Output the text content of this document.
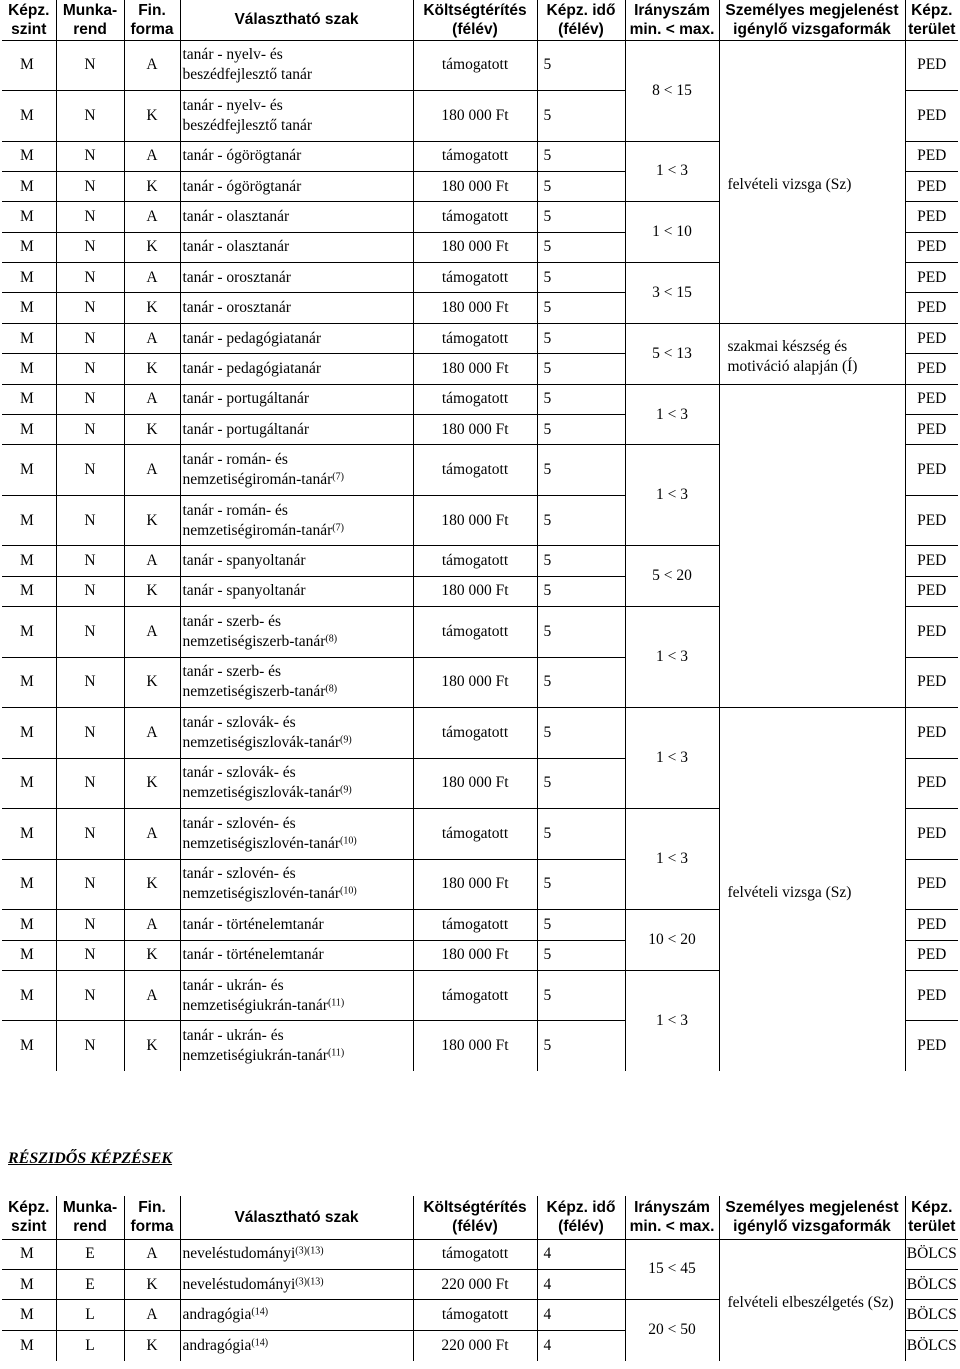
Képz.
szint	Munka-
rend	Fin.
forma	Választható szak	Költségtérítés
(félév)	Képz. idő
(félév)	Irányszám
min. < max.	Személyes megjelenést
igénylő vizsgaformák	Képz.
terület
M	N	A	tanár - nyelv- és
beszédfejlesztő tanár	támogatott	5	8 < 15	felvételi vizsga (Sz)	PED
M	N	K	tanár - nyelv- és
beszédfejlesztő tanár	180 000 Ft	5			PED
M	N	A	tanár - ógörögtanár	támogatott	5	1 < 3		PED
M	N	K	tanár - ógörögtanár	180 000 Ft	5			PED
M	N	A	tanár - olasztanár	támogatott	5	1 < 10		PED
M	N	K	tanár - olasztanár	180 000 Ft	5			PED
M	N	A	tanár - orosztanár	támogatott	5	3 < 15		PED
M	N	K	tanár - orosztanár	180 000 Ft	5			PED
M	N	A	tanár - pedagógiatanár	támogatott	5	5 < 13	szakmai készség és motiváció alapján (Í)	PED
M	N	K	tanár - pedagógiatanár	180 000 Ft	5			PED
M	N	A	tanár - portugáltanár	támogatott	5	1 < 3		PED
M	N	K	tanár - portugáltanár	180 000 Ft	5			PED
M	N	A	tanár - román- és
nemzetiségiromán-tanár$^{(7)}$	támogatott	5	1 < 3		PED
M	N	K	tanár - román- és
nemzetiségiromán-tanár$^{(7)}$	180 000 Ft	5			PED
M	N	A	tanár - spanyoltanár	támogatott	5	5 < 20		PED
M	N	K	tanár - spanyoltanár	180 000 Ft	5			PED
M	N	A	tanár - szerb- és
nemzetiségiszerb-tanár$^{(8)}$	támogatott	5	1 < 3		PED
M	N	K	tanár - szerb- és
nemzetiségiszerb-tanár$^{(8)}$	180 000 Ft	5			PED
M	N	A	tanár - szlovák- és
nemzetiségiszlovák-tanár$^{(9)}$	támogatott	5	1 < 3	felvételi vizsga (Sz)	PED
M	N	K	tanár - szlovák- és
nemzetiségiszlovák-tanár$^{(9)}$	180 000 Ft	5			PED
M	N	A	tanár - szlovén- és
nemzetiségiszlovén-tanár$^{(10)}$	támogatott	5	1 < 3		PED
M	N	K	tanár - szlovén- és
nemzetiségiszlovén-tanár$^{(10)}$	180 000 Ft	5			PED
M	N	A	tanár - történelemtanár	támogatott	5	10 < 20		PED
M	N	K	tanár - történelemtanár	180 000 Ft	5			PED
M	N	A	tanár - ukrán- és
nemzetiségiukrán-tanár$^{(11)}$	támogatott	5	1 < 3		PED
M	N	K	tanár - ukrán- és
nemzetiségiukrán-tanár$^{(11)}$	180 000 Ft	5			PED
RÉSZIDŐS KÉPZÉSEK
Képz.
szint	Munka-
rend	Fin.
forma	Választható szak	Költségtérítés
(félév)	Képz. idő
(félév)	Irányszám
min. < max.	Személyes megjelenést
igénylő vizsgaformák	Képz.
terület
M	E	A	neveléstudományi$^{(3)(13)}$	támogatott	4	15 < 45	felvételi elbeszélgetés (Sz)	BÖLCS
M	E	K	neveléstudományi$^{(3)(13)}$	220 000 Ft	4			BÖLCS
M	L	A	andragógia$^{(14)}$	támogatott	4	20 < 50		BÖLCS
M	L	K	andragógia$^{(14)}$	220 000 Ft	4			BÖLCS
